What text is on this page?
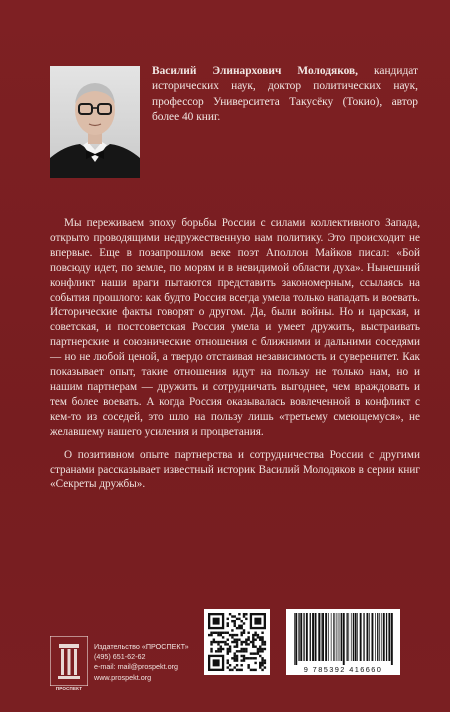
Василий Элинархович Молодяков, кандидат исторических наук, доктор политических наук, профессор Университета Такусёку (Токио), автор более 40 книг.

Мы переживаем эпоху борьбы России с силами коллективного Запада, открыто проводящими недружественную нам политику. Это происходит не впервые. Еще в позапрошлом веке поэт Аполлон Майков писал: «Бой повсюду идет, по земле, по морям и в невидимой области духа». Нынешний конфликт наши враги пытаются представить закономерным, ссылаясь на события прошлого: как будто Россия всегда умела только нападать и воевать. Исторические факты говорят о другом. Да, были войны. Но и царская, и советская, и постсоветская Россия умела и умеет дружить, выстраивать партнерские и союзнические отношения с ближними и дальними соседями — но не любой ценой, а твердо отстаивая независимость и суверенитет. Как показывает опыт, такие отношения идут на пользу не только нам, но и нашим партнерам — дружить и сотрудничать выгоднее, чем враждовать и тем более воевать. А когда Россия оказывалась вовлеченной в конфликт с кем-то из соседей, это шло на пользу лишь «третьему смеющемуся», не желавшему нашего усиления и процветания.

О позитивном опыте партнерства и сотрудничества России с другими странами рассказывает известный историк Василий Молодяков в серии книг «Секреты дружбы».

ПРОСПЕКТ
Издательство «ПРОСПЕКТ»
(495) 651-62-62
e-mail: mail@prospekt.org
www.prospekt.org
9 785392 416660
